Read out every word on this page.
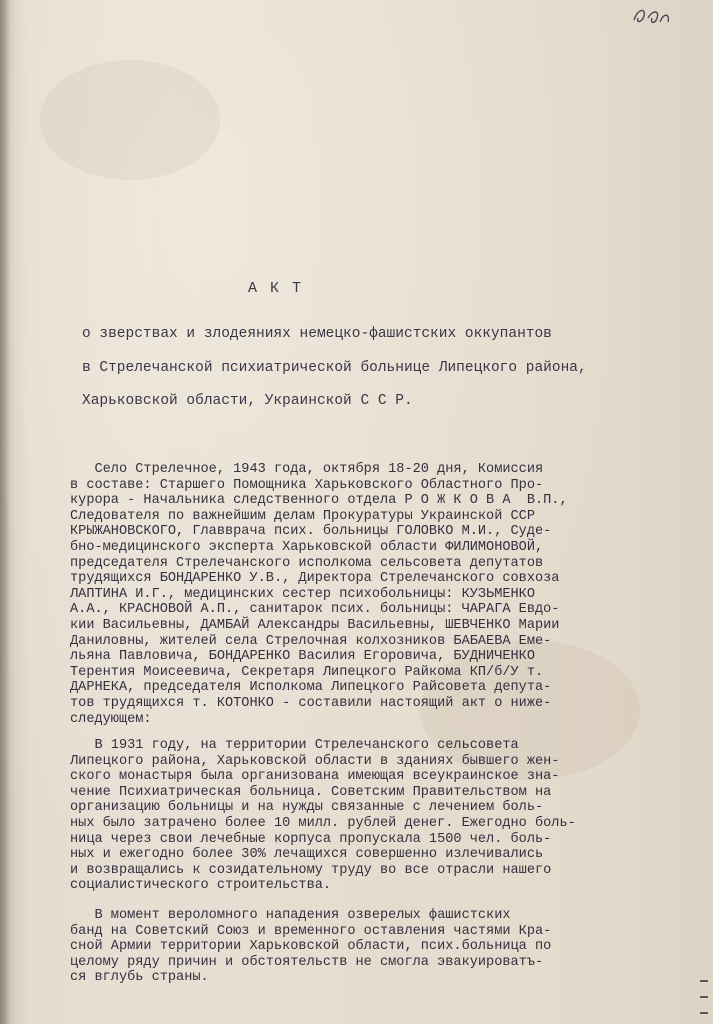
А К Т

о зверствах и злодеяниях немецко-фашистских оккупантов

в Стрелечанской психиатрической больнице Липецкого района,

Харьковской области, Украинской С С Р.

Село Стрелечное, 1943 года, октября 18-20 дня, Комиссия
в составе: Старшего Помощника Харьковского Областного Про-
курора - Начальника следственного отдела Р О Ж К О В А  В.П.,
Следователя по важнейшим делам Прокуратуры Украинской ССР
КРЫЖАНОВСКОГО, Главврача псих. больницы ГОЛОВКО М.И., Суде-
бно-медицинского эксперта Харьковской области ФИЛИМОНОВОЙ,
председателя Стрелечанского исполкома сельсовета депутатов
трудящихся БОНДАРЕНКО У.В., Директора Стрелечанского совхоза
ЛАПТИНА И.Г., медицинских сестер психобольницы: КУЗЬМЕНКО
А.А., КРАСНОВОЙ А.П., санитарок псих. больницы: ЧАРАГА Евдо-
кии Васильевны, ДАМБАЙ Александры Васильевны, ШЕВЧЕНКО Марии
Даниловны, жителей села Стрелочная колхозников БАБАЕВА Еме-
льяна Павловича, БОНДАРЕНКО Василия Егоровича, БУДНИЧЕНКО
Терентия Моисеевича, Секретаря Липецкого Райкома КП/б/У т.
ДАРНЕКА, председателя Исполкома Липецкого Райсовета депута-
тов трудящихся т. КОТОНКО - составили настоящий акт о ниже-
следующем:
В 1931 году, на территории Стрелечанского сельсовета
Липецкого района, Харьковской области в зданиях бывшего жен-
ского монастыря была организована имеющая всеукраинское зна-
чение Психиатрическая больница. Советским Правительством на
организацию больницы и на нужды связанные с лечением боль-
ных было затрачено более 10 милл. рублей денег. Ежегодно боль-
ница через свои лечебные корпуса пропускала 1500 чел. боль-
ных и ежегодно более 30% лечащихся совершенно излечивались
и возвращались к созидательному труду во все отрасли нашего
социалистического строительства.
В момент вероломного нападения озверелых фашистских
банд на Советский Союз и временного оставления частями Кра-
сной Армии территории Харьковской области, псих.больница по
целому ряду причин и обстоятельств не смогла эвакуироватъ-
ся вглубь страны.
